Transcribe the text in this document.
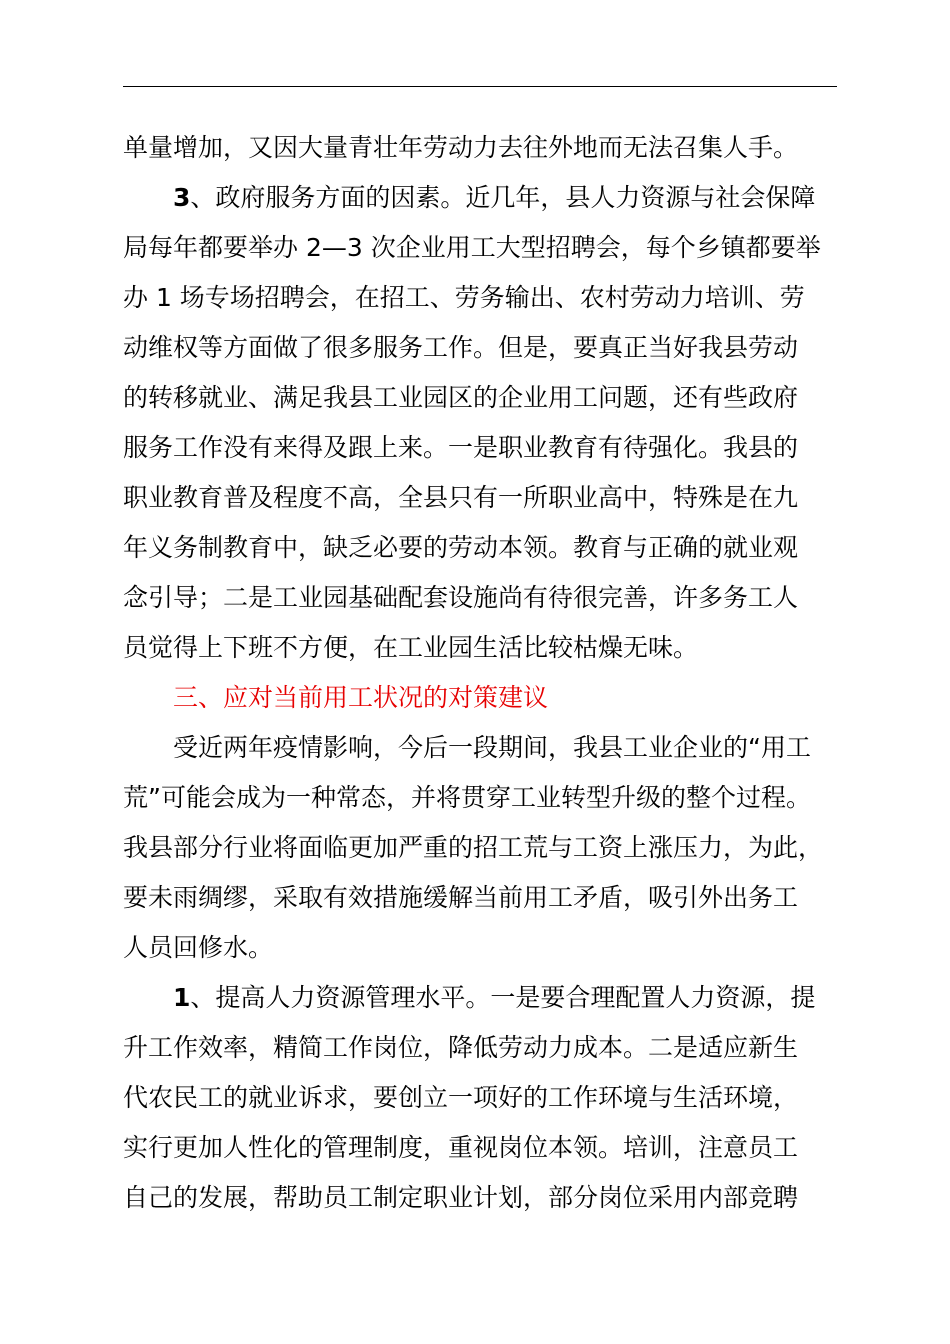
单量增加，又因大量青壮年劳动力去往外地而无法召集人手。
3、政府服务方面的因素。近几年，县人力资源与社会保障
局每年都要举办 2—3 次企业用工大型招聘会，每个乡镇都要举
办 1 场专场招聘会，在招工、劳务输出、农村劳动力培训、劳
动维权等方面做了很多服务工作。但是，要真正当好我县劳动
的转移就业、满足我县工业园区的企业用工问题，还有些政府
服务工作没有来得及跟上来。一是职业教育有待强化。我县的
职业教育普及程度不高，全县只有一所职业高中，特殊是在九
年义务制教育中，缺乏必要的劳动本领。教育与正确的就业观
念引导；二是工业园基础配套设施尚有待很完善，许多务工人
员觉得上下班不方便，在工业园生活比较枯燥无味。
三、应对当前用工状况的对策建议
受近两年疫情影响，今后一段期间，我县工业企业的“用工
荒”可能会成为一种常态，并将贯穿工业转型升级的整个过程。
我县部分行业将面临更加严重的招工荒与工资上涨压力，为此，
要未雨绸缪，采取有效措施缓解当前用工矛盾，吸引外出务工
人员回修水。
1、提高人力资源管理水平。一是要合理配置人力资源，提
升工作效率，精简工作岗位，降低劳动力成本。二是适应新生
代农民工的就业诉求，要创立一项好的工作环境与生活环境，
实行更加人性化的管理制度，重视岗位本领。培训，注意员工
自己的发展，帮助员工制定职业计划，部分岗位采用内部竞聘
